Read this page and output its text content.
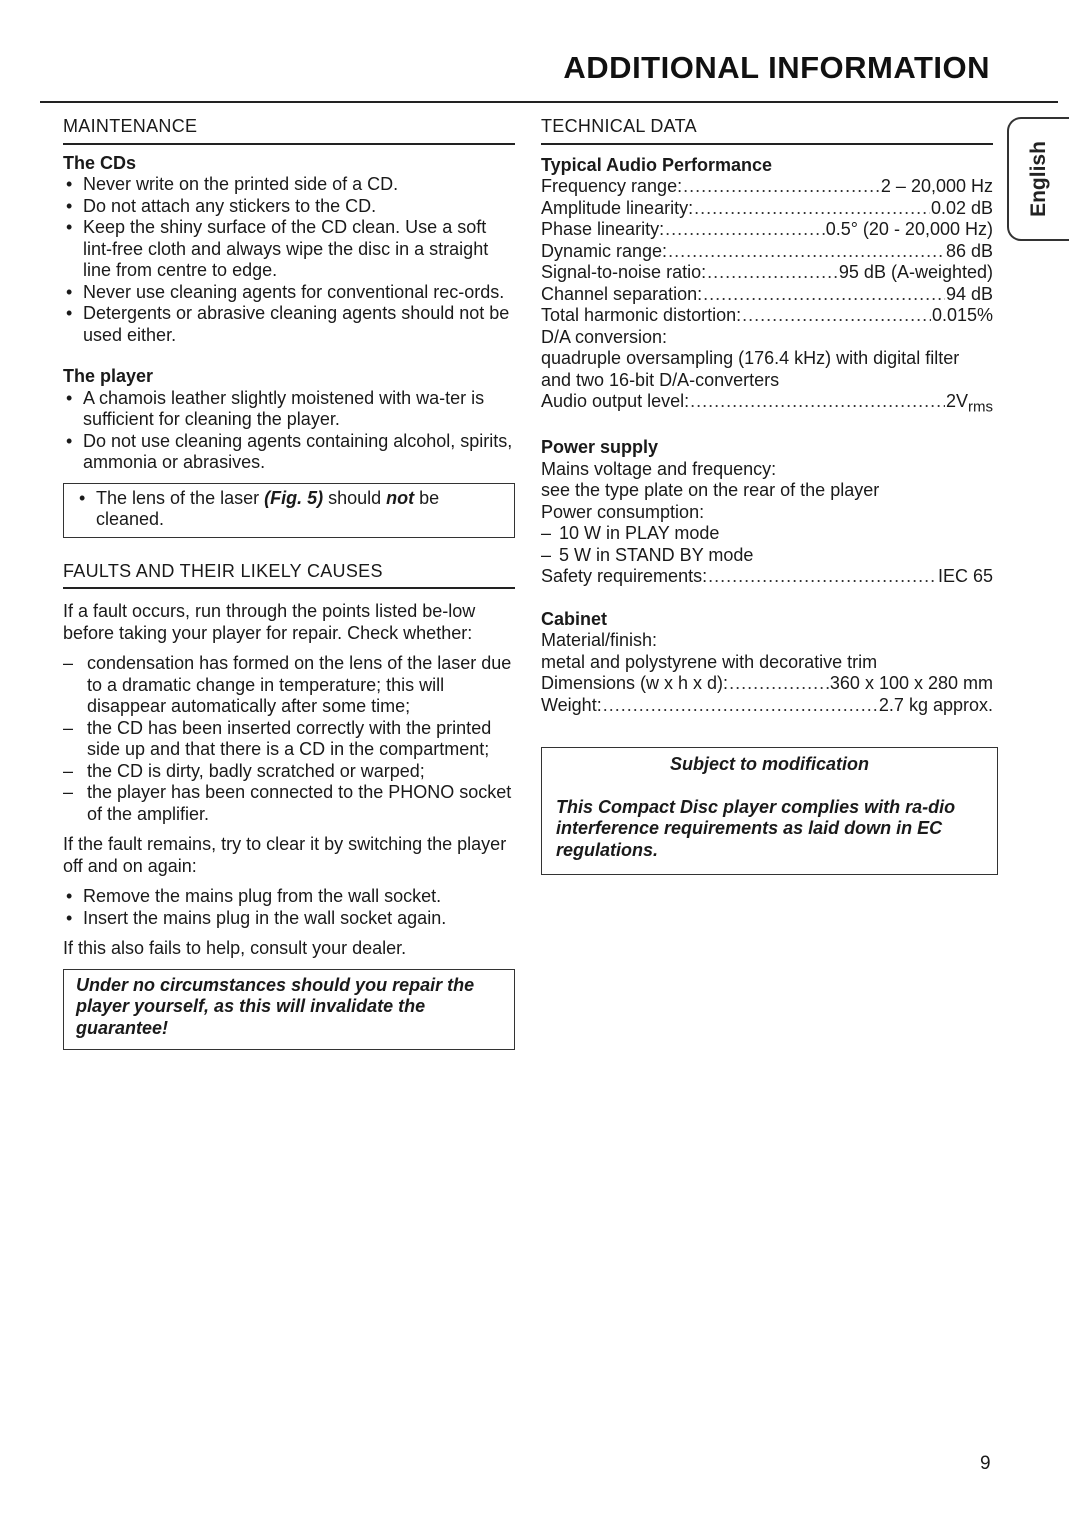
ADDITIONAL INFORMATION
English
MAINTENANCE
The CDs
• Never write on the printed side of a CD.
• Do not attach any stickers to the CD.
• Keep the shiny surface of the CD clean. Use a soft lint-free cloth and always wipe the disc in a straight line from centre to edge.
• Never use cleaning agents for conventional rec-ords.
• Detergents or abrasive cleaning agents should not be used either.
The player
• A chamois leather slightly moistened with wa-ter is sufficient for cleaning the player.
• Do not use cleaning agents containing alcohol, spirits, ammonia or abrasives.
• The lens of the laser (Fig. 5) should not be cleaned.
FAULTS AND THEIR LIKELY CAUSES

If a fault occurs, run through the points listed be-low before taking your player for repair. Check whether:

– condensation has formed on the lens of the laser due to a dramatic change in temperature; this will disappear automatically after some time;
– the CD has been inserted correctly with the printed side up and that there is a CD in the compartment;
– the CD is dirty, badly scratched or warped;
– the player has been connected to the PHONO socket of the amplifier.

If the fault remains, try to clear it by switching the player off and on again:

• Remove the mains plug from the wall socket.
• Insert the mains plug in the wall socket again.

If this also fails to help, consult your dealer.

Under no circumstances should you repair the player yourself, as this will invalidate the guarantee!
TECHNICAL DATA
Typical Audio Performance
Frequency range: .....	2 – 20,000 Hz
Amplitude linearity: .....	0.02 dB
Phase linearity: .....	0.5° (20 - 20,000 Hz)
Dynamic range: .....	86 dB
Signal-to-noise ratio: .....	95 dB (A-weighted)
Channel separation: .....	94 dB
Total harmonic distortion: .....	0.015%

D/A conversion:

quadruple oversampling (176.4 kHz) with digital filter and two 16-bit D/A-converters

Audio output level: .....	$2V_{rms}$
Power supply

Mains voltage and frequency:

see the type plate on the rear of the player

Power consumption:

– 10 W in PLAY mode
– 5 W in STAND BY mode
Safety requirements: .....	IEC 65
Cabinet

Material/finish:

metal and polystyrene with decorative trim

Dimensions (w x h x d): .....	360 x 100 x 280 mm
Weight: .....	2.7 kg approx.
Subject to modification
This Compact Disc player complies with ra-dio interference requirements as laid down in EC regulations.
9
